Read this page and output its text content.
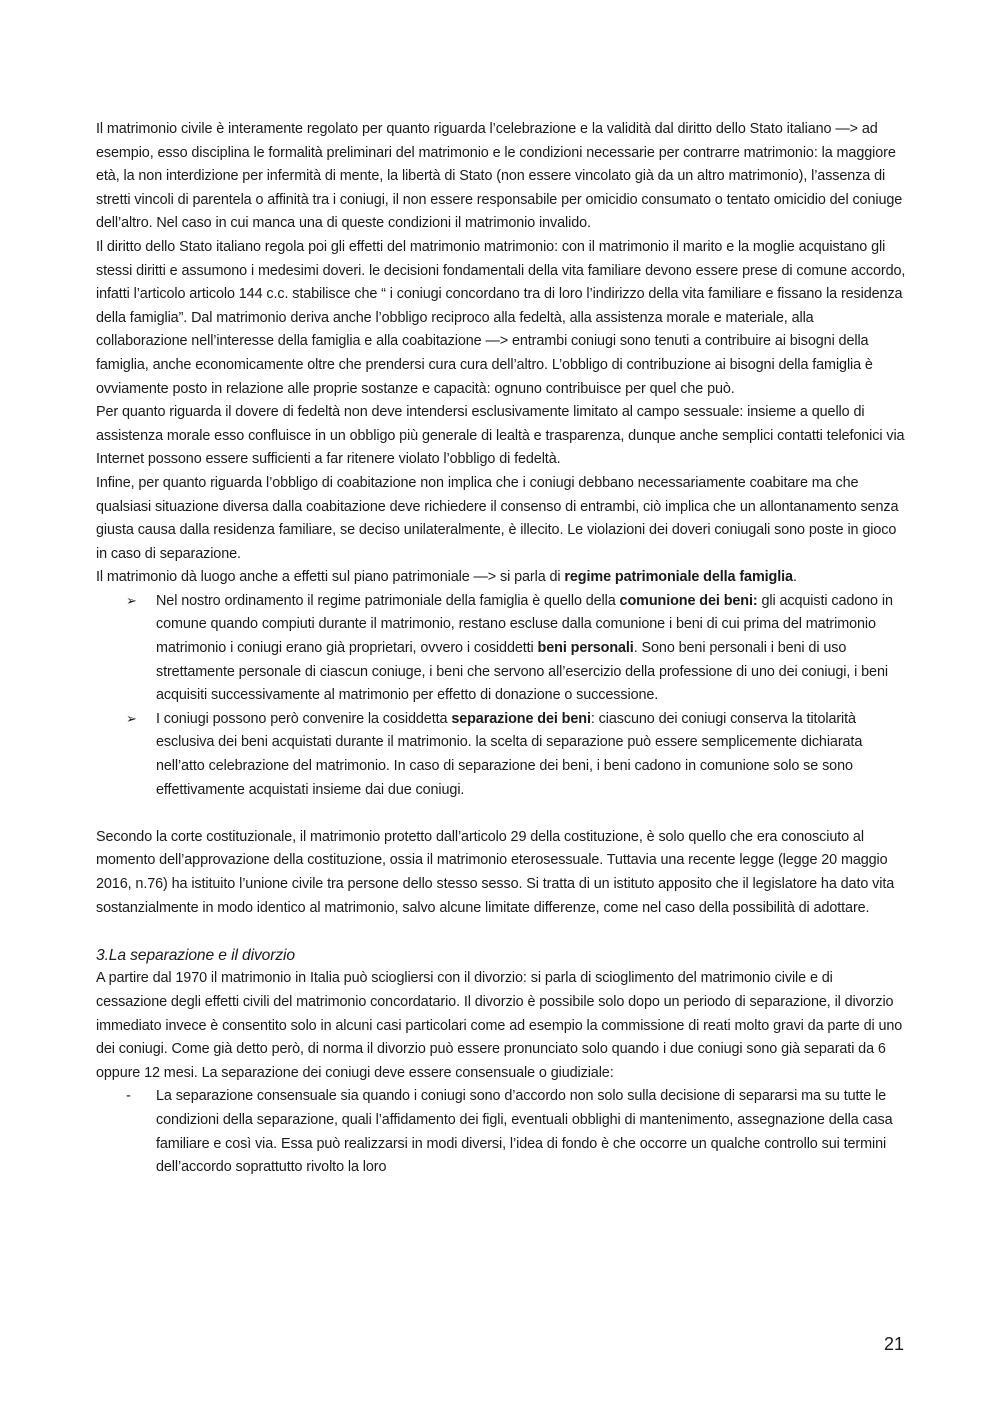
Il matrimonio civile è interamente regolato per quanto riguarda l’celebrazione e la validità dal diritto dello Stato italiano —> ad esempio, esso disciplina le formalità preliminari del matrimonio e le condizioni necessarie per contrarre matrimonio: la maggiore età, la non interdizione per infermità di mente, la libertà di Stato (non essere vincolato già da un altro matrimonio), l’assenza di stretti vincoli di parentela o affinità tra i coniugi, il non essere responsabile per omicidio consumato o tentato omicidio del coniuge dell’altro. Nel caso in cui manca una di queste condizioni il matrimonio invalido.

Il diritto dello Stato italiano regola poi gli effetti del matrimonio matrimonio: con il matrimonio il marito e la moglie acquistano gli stessi diritti e assumono i medesimi doveri. le decisioni fondamentali della vita familiare devono essere prese di comune accordo, infatti l’articolo articolo 144 c.c. stabilisce che “ i coniugi concordano tra di loro l’indirizzo della vita familiare e fissano la residenza della famiglia”. Dal matrimonio deriva anche l’obbligo reciproco alla fedeltà, alla assistenza morale e materiale, alla collaborazione nell’interesse della famiglia e alla coabitazione —> entrambi coniugi sono tenuti a contribuire ai bisogni della famiglia, anche economicamente oltre che prendersi cura cura dell’altro. L’obbligo di contribuzione ai bisogni della famiglia è ovviamente posto in relazione alle proprie sostanze e capacità: ognuno contribuisce per quel che può.

Per quanto riguarda il dovere di fedeltà non deve intendersi esclusivamente limitato al campo sessuale: insieme a quello di assistenza morale esso confluisce in un obbligo più generale di lealtà e trasparenza, dunque anche semplici contatti telefonici via Internet possono essere sufficienti a far ritenere violato l’obbligo di fedeltà.

Infine, per quanto riguarda l’obbligo di coabitazione non implica che i coniugi debbano necessariamente coabitare ma che qualsiasi situazione diversa dalla coabitazione deve richiedere il consenso di entrambi, ciò implica che un allontanamento senza giusta causa dalla residenza familiare, se deciso unilateralmente, è illecito. Le violazioni dei doveri coniugali sono poste in gioco in caso di separazione.

Il matrimonio dà luogo anche a effetti sul piano patrimoniale —> si parla di regime patrimoniale della famiglia.

➢	Nel nostro ordinamento il regime patrimoniale della famiglia è quello della comunione dei beni: gli acquisti cadono in comune quando compiuti durante il matrimonio, restano escluse dalla comunione i beni di cui prima del matrimonio matrimonio i coniugi erano già proprietari, ovvero i cosiddetti beni personali. Sono beni personali i beni di uso strettamente personale di ciascun coniuge, i beni che servono all’esercizio della professione di uno dei coniugi, i beni acquisiti successivamente al matrimonio per effetto di donazione o successione.
➢	I coniugi possono però convenire la cosiddetta separazione dei beni: ciascuno dei coniugi conserva la titolarità esclusiva dei beni acquistati durante il matrimonio. la scelta di separazione può essere semplicemente dichiarata nell’atto celebrazione del matrimonio. In caso di separazione dei beni, i beni cadono in comunione solo se sono effettivamente acquistati insieme dai due coniugi.

Secondo la corte costituzionale, il matrimonio protetto dall’articolo 29 della costituzione, è solo quello che era conosciuto al momento dell’approvazione della costituzione, ossia il matrimonio eterosessuale. Tuttavia una recente legge (legge 20 maggio 2016, n.76) ha istituito l’unione civile tra persone dello stesso sesso. Si tratta di un istituto apposito che il legislatore ha dato vita sostanzialmente in modo identico al matrimonio, salvo alcune limitate differenze, come nel caso della possibilità di adottare.

3.La separazione e il divorzio

A partire dal 1970 il matrimonio in Italia può sciogliersi con il divorzio: si parla di scioglimento del matrimonio civile e di cessazione degli effetti civili del matrimonio concordatario. Il divorzio è possibile solo dopo un periodo di separazione, il divorzio immediato invece è consentito solo in alcuni casi particolari come ad esempio la commissione di reati molto gravi da parte di uno dei coniugi. Come già detto però, di norma il divorzio può essere pronunciato solo quando i due coniugi sono già separati da 6 oppure 12 mesi. La separazione dei coniugi deve essere consensuale o giudiziale:

- La separazione consensuale sia quando i coniugi sono d’accordo non solo sulla decisione di separarsi ma su tutte le condizioni della separazione, quali l’affidamento dei figli, eventuali obblighi di mantenimento, assegnazione della casa familiare e così via. Essa può realizzarsi in modi diversi, l’idea di fondo è che occorre un qualche controllo sui termini dell’accordo soprattutto rivolto la loro
21
